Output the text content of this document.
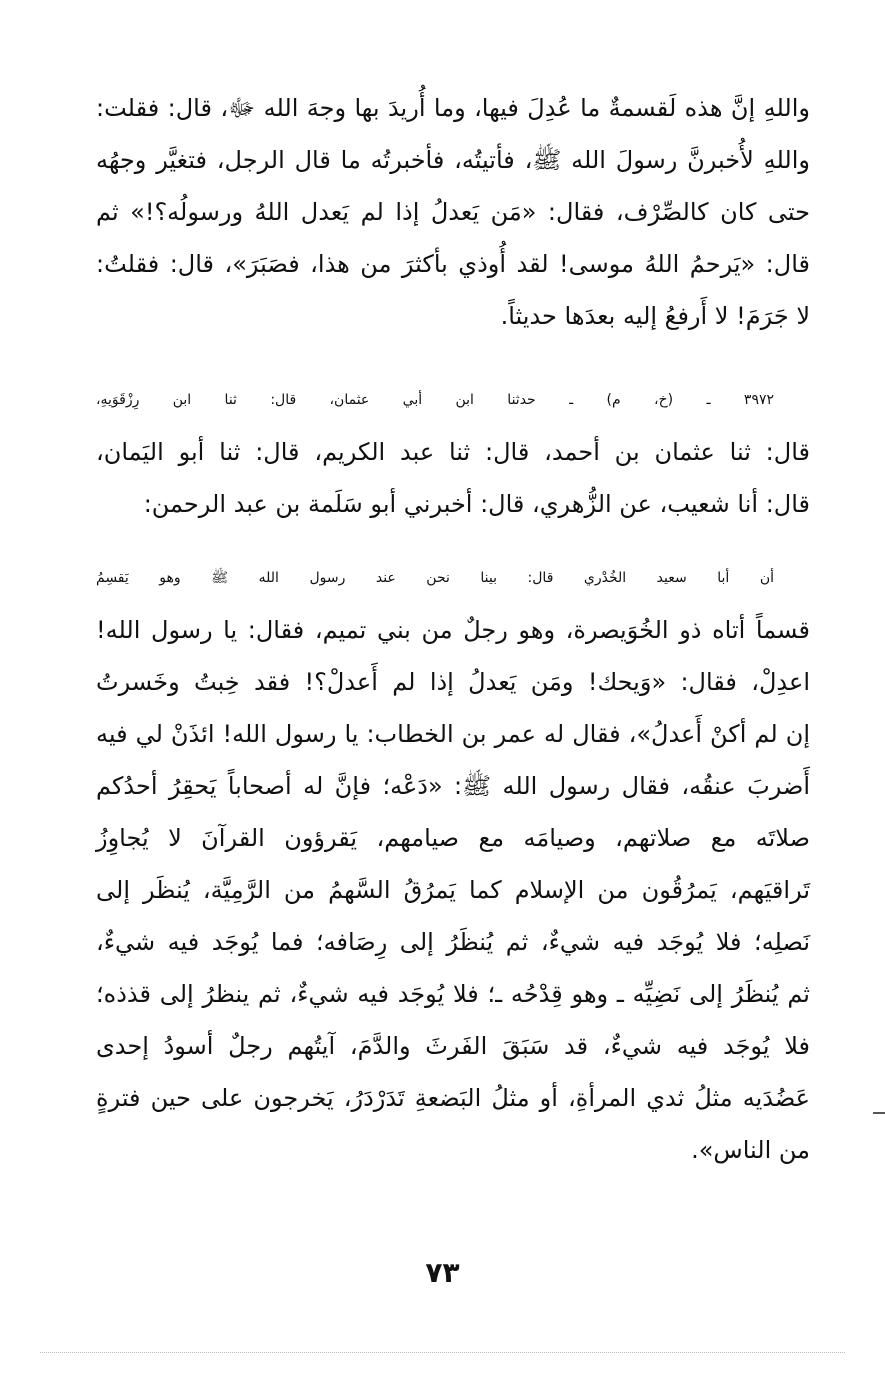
واللهِ إنَّ هذه لَقسمةٌ ما عُدِلَ فيها، وما أُريدَ بها وجهَ الله ﷻ، قال: فقلت:
واللهِ لأُخبرنَّ رسولَ الله ﷺ، فأتيتُه، فأخبرتُه ما قال الرجل، فتغيَّر وجهُه
حتى كان كالصِّرْف، فقال: «مَن يَعدلُ إذا لم يَعدل اللهُ ورسولُه؟!» ثم
قال: «يَرحمُ اللهُ موسى! لقد أُوذي بأكثرَ من هذا، فصَبَرَ»، قال: فقلتُ:
لا جَرَمَ! لا أَرفعُ إليه بعدَها حديثاً.
٣٩٧٢ ـ (خ، م) ـ حدثنا ابن أبي عثمان، قال: ثنا ابن رِزْقَوَيهِ،
قال: ثنا عثمان بن أحمد، قال: ثنا عبد الكريم، قال: ثنا أبو اليَمان،
قال: أنا شعيب، عن الزُّهري، قال: أخبرني أبو سَلَمة بن عبد الرحمن:
أن أبا سعيد الخُدْري قال: بينا نحن عند رسول الله ﷺ وهو يَقسِمُ
قسماً أتاه ذو الخُوَيصرة، وهو رجلٌ من بني تميم، فقال: يا رسول الله!
اعدِلْ، فقال: «وَيحك! ومَن يَعدلُ إذا لم أَعدلْ؟! فقد خِبتُ وخَسرتُ
إن لم أكنْ أَعدلُ»، فقال له عمر بن الخطاب: يا رسول الله! ائذَنْ لي فيه
أَضربَ عنقُه، فقال رسول الله ﷺ: «دَعْه؛ فإنَّ له أصحاباً يَحقِرُ أحدُكم
صلاتَه مع صلاتهم، وصيامَه مع صيامهم، يَقرؤون القرآنَ لا يُجاوِزُ
تَراقيَهم، يَمرُقُون من الإسلام كما يَمرُقُ السَّهمُ من الرَّمِيَّة، يُنظَر إلى
نَصلِه؛ فلا يُوجَد فيه شيءٌ، ثم يُنظَرُ إلى رِصَافه؛ فما يُوجَد فيه شيءٌ،
ثم يُنظَرُ إلى نَضِيِّه ـ وهو قِدْحُه ـ؛ فلا يُوجَد فيه شيءٌ، ثم ينظرُ إلى قذذه؛
فلا يُوجَد فيه شيءٌ، قد سَبَقَ الفَرثَ والدَّمَ، آيتُهم رجلٌ أسودُ إحدى
عَضُدَيه مثلُ ثدي المرأةِ، أو مثلُ البَضعةِ تَدَرْدَرُ، يَخرجون على حين فترةٍ
من الناس».
٧٣
